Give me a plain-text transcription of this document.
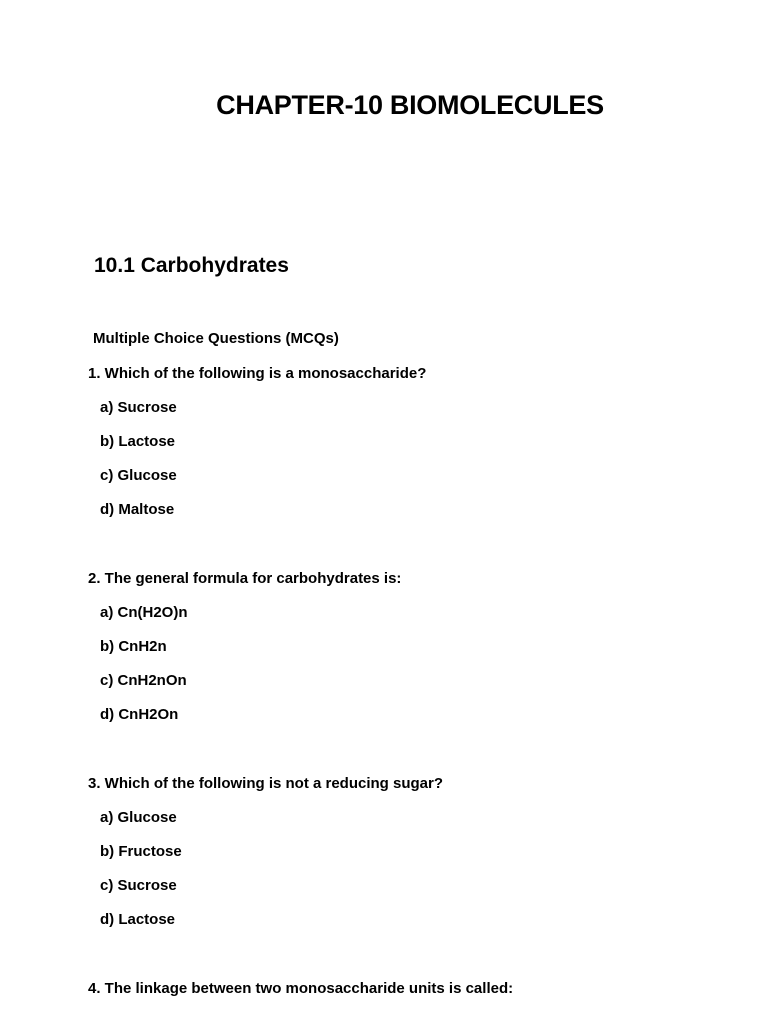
CHAPTER-10 BIOMOLECULES
10.1 Carbohydrates

Multiple Choice Questions (MCQs)

1. Which of the following is a monosaccharide?

a) Sucrose

b) Lactose

c) Glucose

d) Maltose

2. The general formula for carbohydrates is:

a) Cn(H2O)n

b) CnH2n

c) CnH2nOn

d) CnH2On

3. Which of the following is not a reducing sugar?

a) Glucose

b) Fructose

c) Sucrose

d) Lactose

4. The linkage between two monosaccharide units is called:
